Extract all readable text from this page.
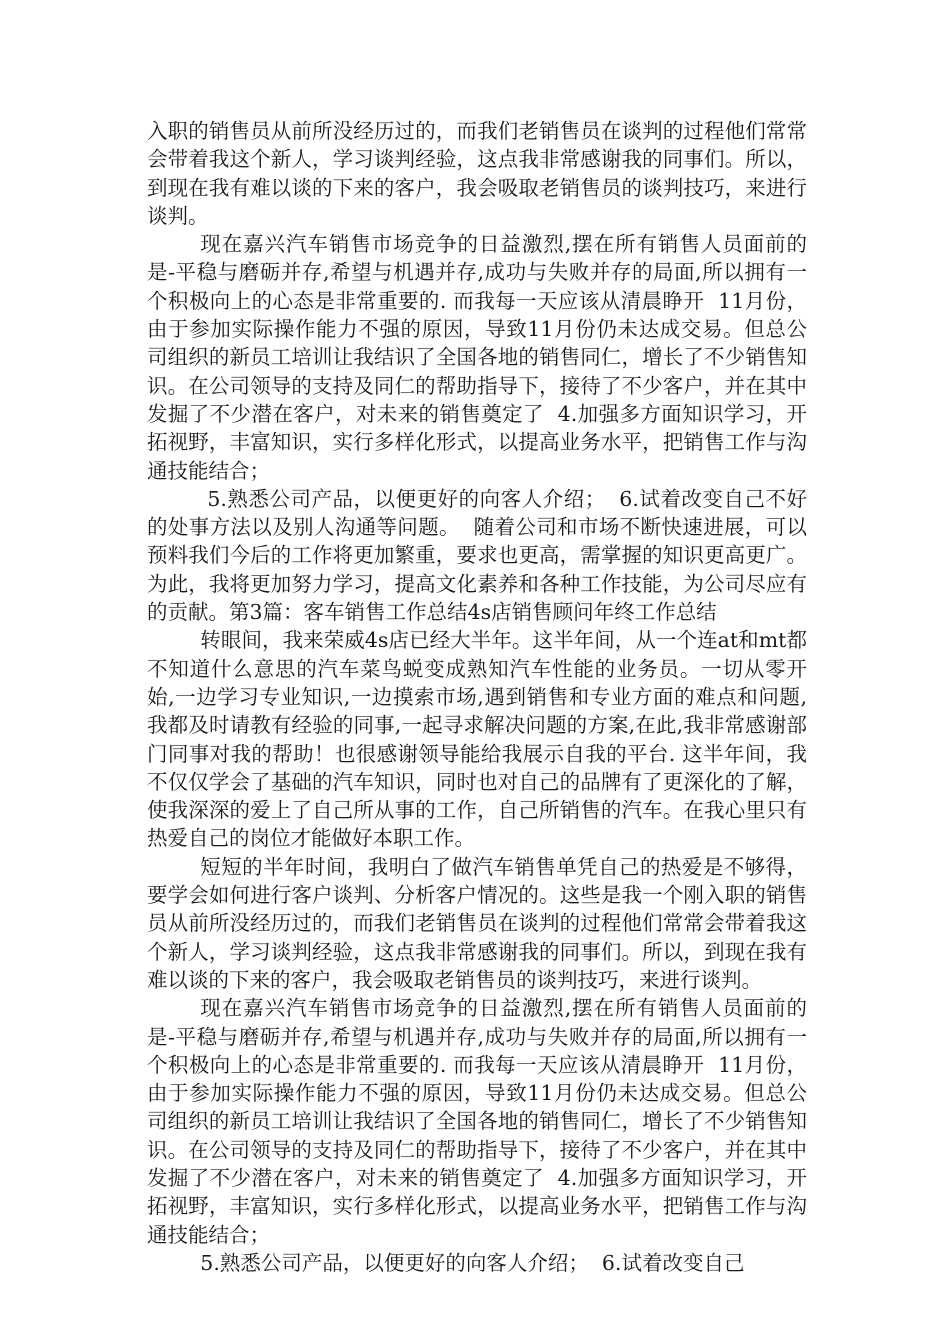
入职的销售员从前所没经历过的，而我们老销售员在谈判的过程他们常常会带着我这个新人，学习谈判经验，这点我非常感谢我的同事们。所以，到现在我有难以谈的下来的客户，我会吸取老销售员的谈判技巧，来进行谈判。

现在嘉兴汽车销售市场竞争的日益激烈,摆在所有销售人员面前的是-平稳与磨砺并存,希望与机遇并存,成功与失败并存的局面,所以拥有一个积极向上的心态是非常重要的. 而我每一天应该从清晨睁开  11月份，由于参加实际操作能力不强的原因，导致11月份仍未达成交易。但总公司组织的新员工培训让我结识了全国各地的销售同仁，增长了不少销售知识。在公司领导的支持及同仁的帮助指导下，接待了不少客户，并在其中发掘了不少潜在客户，对未来的销售奠定了  4.加强多方面知识学习，开拓视野，丰富知识，实行多样化形式，以提高业务水平，把销售工作与沟通技能结合；

5.熟悉公司产品，以便更好的向客人介绍；  6.试着改变自己不好的处事方法以及别人沟通等问题。  随着公司和市场不断快速进展，可以预料我们今后的工作将更加繁重，要求也更高，需掌握的知识更高更广。为此，我将更加努力学习，提高文化素养和各种工作技能，为公司尽应有的贡献。第3篇：客车销售工作总结4s店销售顾问年终工作总结

转眼间，我来荣威4s店已经大半年。这半年间，从一个连at和mt都不知道什么意思的汽车菜鸟蜕变成熟知汽车性能的业务员。一切从零开始,一边学习专业知识,一边摸索市场,遇到销售和专业方面的难点和问题,我都及时请教有经验的同事,一起寻求解决问题的方案,在此,我非常感谢部门同事对我的帮助！也很感谢领导能给我展示自我的平台. 这半年间，我不仅仅学会了基础的汽车知识，同时也对自己的品牌有了更深化的了解，使我深深的爱上了自己所从事的工作，自己所销售的汽车。在我心里只有热爱自己的岗位才能做好本职工作。

短短的半年时间，我明白了做汽车销售单凭自己的热爱是不够得，要学会如何进行客户谈判、分析客户情况的。这些是我一个刚入职的销售员从前所没经历过的，而我们老销售员在谈判的过程他们常常会带着我这个新人，学习谈判经验，这点我非常感谢我的同事们。所以，到现在我有难以谈的下来的客户，我会吸取老销售员的谈判技巧，来进行谈判。

现在嘉兴汽车销售市场竞争的日益激烈,摆在所有销售人员面前的是-平稳与磨砺并存,希望与机遇并存,成功与失败并存的局面,所以拥有一个积极向上的心态是非常重要的. 而我每一天应该从清晨睁开  11月份，由于参加实际操作能力不强的原因，导致11月份仍未达成交易。但总公司组织的新员工培训让我结识了全国各地的销售同仁，增长了不少销售知识。在公司领导的支持及同仁的帮助指导下，接待了不少客户，并在其中发掘了不少潜在客户，对未来的销售奠定了  4.加强多方面知识学习，开拓视野，丰富知识，实行多样化形式，以提高业务水平，把销售工作与沟通技能结合；

5.熟悉公司产品，以便更好的向客人介绍；  6.试着改变自己
